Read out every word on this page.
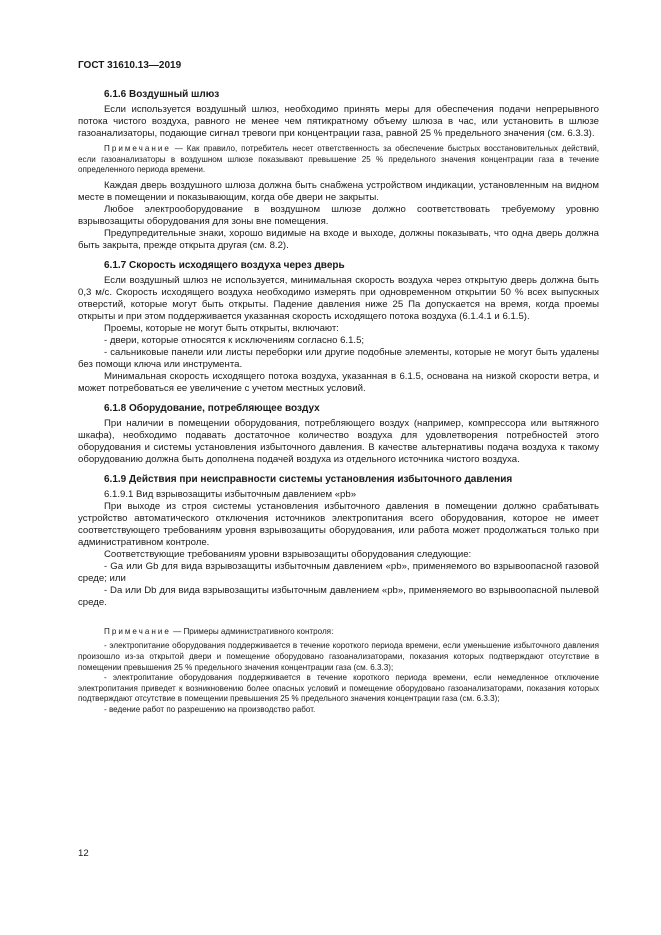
ГОСТ 31610.13—2019
6.1.6 Воздушный шлюз

Если используется воздушный шлюз, необходимо принять меры для обеспечения подачи непрерывного потока чистого воздуха, равного не менее чем пятикратному объему шлюза в час, или установить в шлюзе газоанализаторы, подающие сигнал тревоги при концентрации газа, равной 25 % предельного значения (см. 6.3.3).

Примечание — Как правило, потребитель несет ответственность за обеспечение быстрых восстановительных действий, если газоанализаторы в воздушном шлюзе показывают превышение 25 % предельного значения концентрации газа в течение определенного периода времени.

Каждая дверь воздушного шлюза должна быть снабжена устройством индикации, установленным на видном месте в помещении и показывающим, когда обе двери не закрыты.

Любое электрооборудование в воздушном шлюзе должно соответствовать требуемому уровню взрывозащиты оборудования для зоны вне помещения.

Предупредительные знаки, хорошо видимые на входе и выходе, должны показывать, что одна дверь должна быть закрыта, прежде открыта другая (см. 8.2).

6.1.7 Скорость исходящего воздуха через дверь

Если воздушный шлюз не используется, минимальная скорость воздуха через открытую дверь должна быть 0,3 м/с. Скорость исходящего воздуха необходимо измерять при одновременном открытии 50 % всех выпускных отверстий, которые могут быть открыты. Падение давления ниже 25 Па допускается на время, когда проемы открыты и при этом поддерживается указанная скорость исходящего потока воздуха (6.1.4.1 и 6.1.5).

Проемы, которые не могут быть открыты, включают:

- двери, которые относятся к исключениям согласно 6.1.5;

- сальниковые панели или листы переборки или другие подобные элементы, которые не могут быть удалены без помощи ключа или инструмента.

Минимальная скорость исходящего потока воздуха, указанная в 6.1.5, основана на низкой скорости ветра, и может потребоваться ее увеличение с учетом местных условий.

6.1.8 Оборудование, потребляющее воздух

При наличии в помещении оборудования, потребляющего воздух (например, компрессора или вытяжного шкафа), необходимо подавать достаточное количество воздуха для удовлетворения потребностей этого оборудования и системы установления избыточного давления. В качестве альтернативы подача воздуха к такому оборудованию должна быть дополнена подачей воздуха из отдельного источника чистого воздуха.

6.1.9 Действия при неисправности системы установления избыточного давления

6.1.9.1 Вид взрывозащиты избыточным давлением «pb»

При выходе из строя системы установления избыточного давления в помещении должно срабатывать устройство автоматического отключения источников электропитания всего оборудования, которое не имеет соответствующего требованиям уровня взрывозащиты оборудования, или работа может продолжаться только при административном контроле.

Соответствующие требованиям уровни взрывозащиты оборудования следующие:

- Ga или Gb для вида взрывозащиты избыточным давлением «pb», применяемого во взрывоопасной газовой среде; или

- Da или Db для вида взрывозащиты избыточным давлением «pb», применяемого во взрывоопасной пылевой среде.

Примечание — Примеры административного контроля:

- электропитание оборудования поддерживается в течение короткого периода времени, если уменьшение избыточного давления произошло из-за открытой двери и помещение оборудовано газоанализаторами, показания которых подтверждают отсутствие в помещении превышения 25 % предельного значения концентрации газа (см. 6.3.3);

- электропитание оборудования поддерживается в течение короткого периода времени, если немедленное отключение электропитания приведет к возникновению более опасных условий и помещение оборудовано газоанализаторами, показания которых подтверждают отсутствие в помещении превышения 25 % предельного значения концентрации газа (см. 6.3.3);

- ведение работ по разрешению на производство работ.

12
